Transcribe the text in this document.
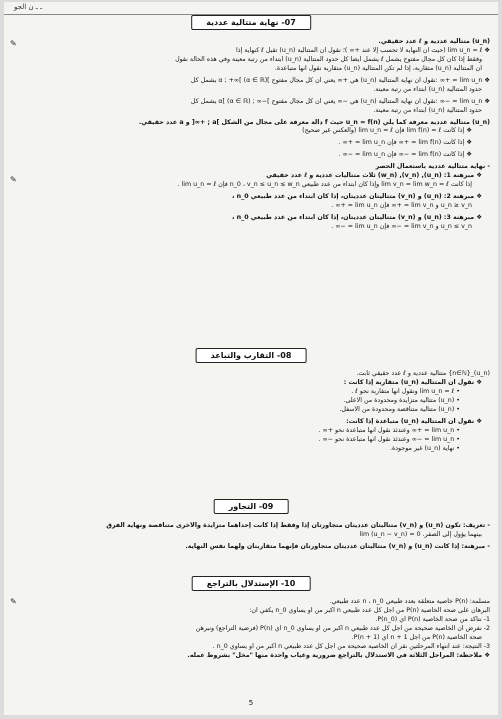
ـ ـ ن الجو
07- نهاية متتالية عددية
(u_n) متتالية عددية و ℓ عدد حقيقي.
❖ lim u_n = ℓ (حيث أن النهاية لا تحسب إلا عند +∞ )؛ نقول أن المتتالية (u_n) تقبل ℓ كنهاية إذا
وفقط إذا كان كل مجال مفتوح يشمل ℓ يشمل أيضا كل حدود المتتالية (u_n) ابتداء من رتبة معينة وفي هذه الحالة نقول
أن المتتالية (u_n) متقاربة، إذا لم تكن المتتالية (u_n) متقاربة نقول أنها متباعدة.
❖ lim u_n = +∞ :نقول أن نهاية المتتالية (u_n) هي +∞ يعني أن كل مجال مفتوح ]α ; +∞[ (α ∈ ℝ) يشمل كل
حدود المتتالية (u_n) ابتداء من رتبة معينة.
❖ lim u_n = −∞ :نقول أن نهاية المتتالية (u_n) هي −∞ يعني أن كل مجال مفتوح ]−∞ ; α[ (α ∈ ℝ) يشمل كل
حدود المتتالية (u_n) ابتداء من رتبة معينة.
(u_n) متتالية عددية معرفة كما يلي u_n = f(n) حيث f دالة معرفة على مجال من الشكل ]a ; +∞[ و a عدد حقيقي.
❖ إذا كانت lim f(n) = ℓ فإن lim u_n = ℓ (والعكس غير صحيح)
❖ إذا كانت lim f(n) = +∞ فإن lim u_n = +∞ .
❖ إذا كانت lim f(n) = −∞ فإن lim u_n = −∞ .
- نهاية متتالية عددية باستعمال الحصر
❖ مبرهنة 1: (u_n), (v_n), (w_n) ثلاث متتاليات عددية و ℓ عدد حقيقي
إذا كانت lim v_n = lim w_n = ℓ وإذا كان ابتداء من عدد طبيعي n_0 ، v_n ≤ u_n ≤ w_n فإن lim u_n = ℓ .
❖ مبرهنة 2: (u_n) و (v_n) متتاليتان عدديتان، إذا كان ابتداء من عدد طبيعي n_0 ،
u_n ≥ v_n و lim v_n = +∞ فإن lim u_n = +∞ .
❖ مبرهنة 3: (u_n) و (v_n) متتاليتان عدديتان، إذا كان ابتداء من عدد طبيعي n_0 ،
u_n ≤ v_n و lim v_n = −∞ فإن lim u_n = −∞ .
08- التقارب والتباعد
(u_n)_{n∈ℕ} متتالية عددية و ℓ عدد حقيقي ثابت.
❖ نقول أن المتتالية (u_n) متقاربة إذا كانت :
• lim u_n = ℓ ونقول أنها متقاربة نحو ℓ .
• (u_n) متتالية متزايدة ومحدودة من الأعلى.
• (u_n) متتالية متناقصة ومحدودة من الأسفل.
❖ نقول أن المتتالية (u_n) متباعدة إذا كانت:
• lim u_n = +∞ وعندئذ نقول أنها متباعدة نحو +∞ .
• lim u_n = −∞ وعندئذ نقول أنها متباعدة نحو −∞ .
• نهاية (u_n) غير موجودة.
09- التجاور
- تعريف: تكون (u_n) و (v_n) متتاليتان عدديتان متجاورتان إذا وفقط إذا كانت إحداهما متزايدة والأخرى متناقصة ونهاية الفرق
بينهما يؤول إلى الصفر. lim (u_n − v_n) = 0
- مبرهنة: إذا كانت (u_n) و (v_n) متتاليتان عدديتان متجاورتان فإنهما متقاربتان ولهما نفس النهاية.
10- الإستدلال بالتراجع
مسلمة: P(n) خاصية متعلقة بعدد طبيعي n ، n_0 عدد طبيعي.
البرهان على صحة الخاصية P(n) من أجل كل عدد طبيعي n أكبر من أو يساوي n_0 يكفي أن:
1- نتأكد من صحة الخاصية P(n) أي P(n_0).
2- نفرض أن الخاصية صحيحة من أجل كل عدد طبيعي n أكبر من أو يساوي n_0 أي P(n) (فرضية التراجع) ونبرهن
صحة الخاصية P(n) من أجل n + 1 أي P(n + 1).
3- النتيجة: عند انتهاء المرحلتين نقر أن الخاصية صحيحة من أجل كل عدد طبيعي n أكبر من أو يساوي n_0 .
❖ ملاحظة: المراحل الثلاثة في الاستدلال بالتراجع ضرورية وغياب واحدة منها "مخل" بشروط عمله.
5
✎
✎
✎
